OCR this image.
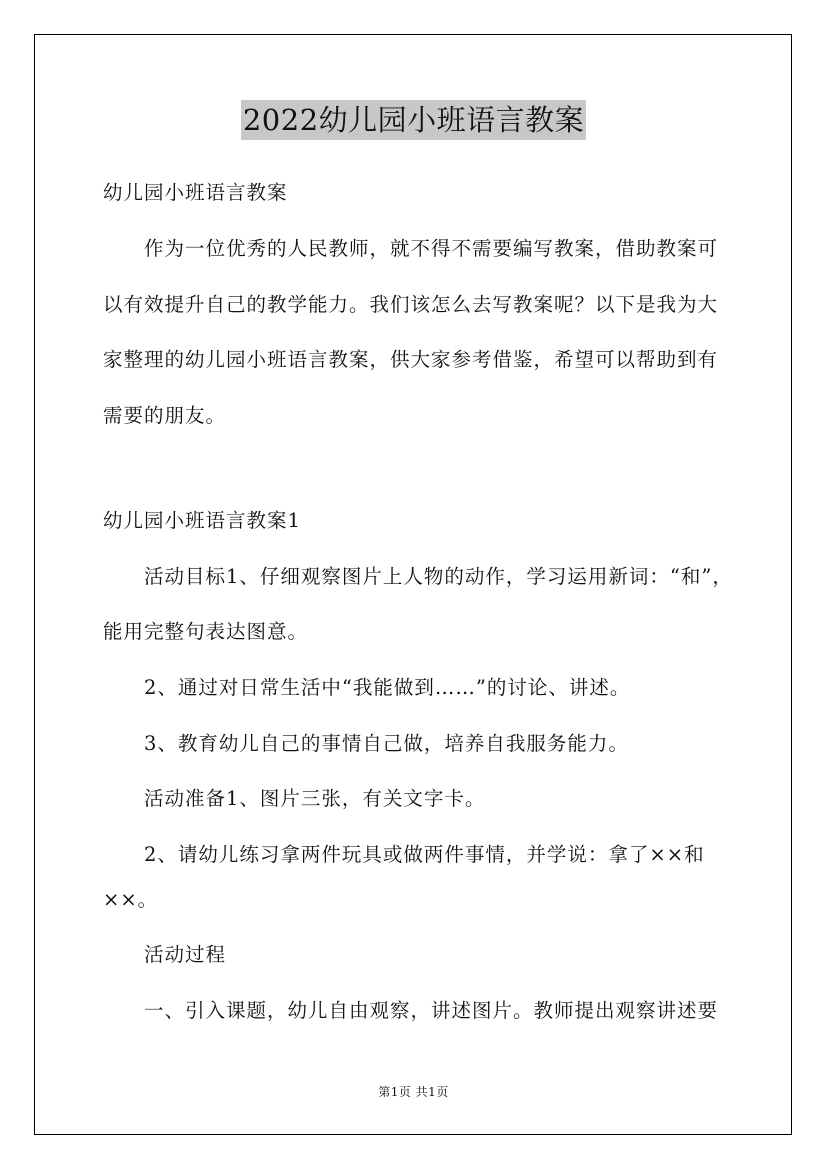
2022幼儿园小班语言教案
幼儿园小班语言教案
作为一位优秀的人民教师，就不得不需要编写教案，借助教案可
以有效提升自己的教学能力。我们该怎么去写教案呢？以下是我为大
家整理的幼儿园小班语言教案，供大家参考借鉴，希望可以帮助到有
需要的朋友。
幼儿园小班语言教案1
活动目标1、仔细观察图片上人物的动作，学习运用新词：“和”，
能用完整句表达图意。
2、通过对日常生活中“我能做到……”的讨论、讲述。
3、教育幼儿自己的事情自己做，培养自我服务能力。
活动准备1、图片三张，有关文字卡。
2、请幼儿练习拿两件玩具或做两件事情，并学说：拿了××和
××。
活动过程
一、引入课题，幼儿自由观察，讲述图片。教师提出观察讲述要
第1页 共1页
